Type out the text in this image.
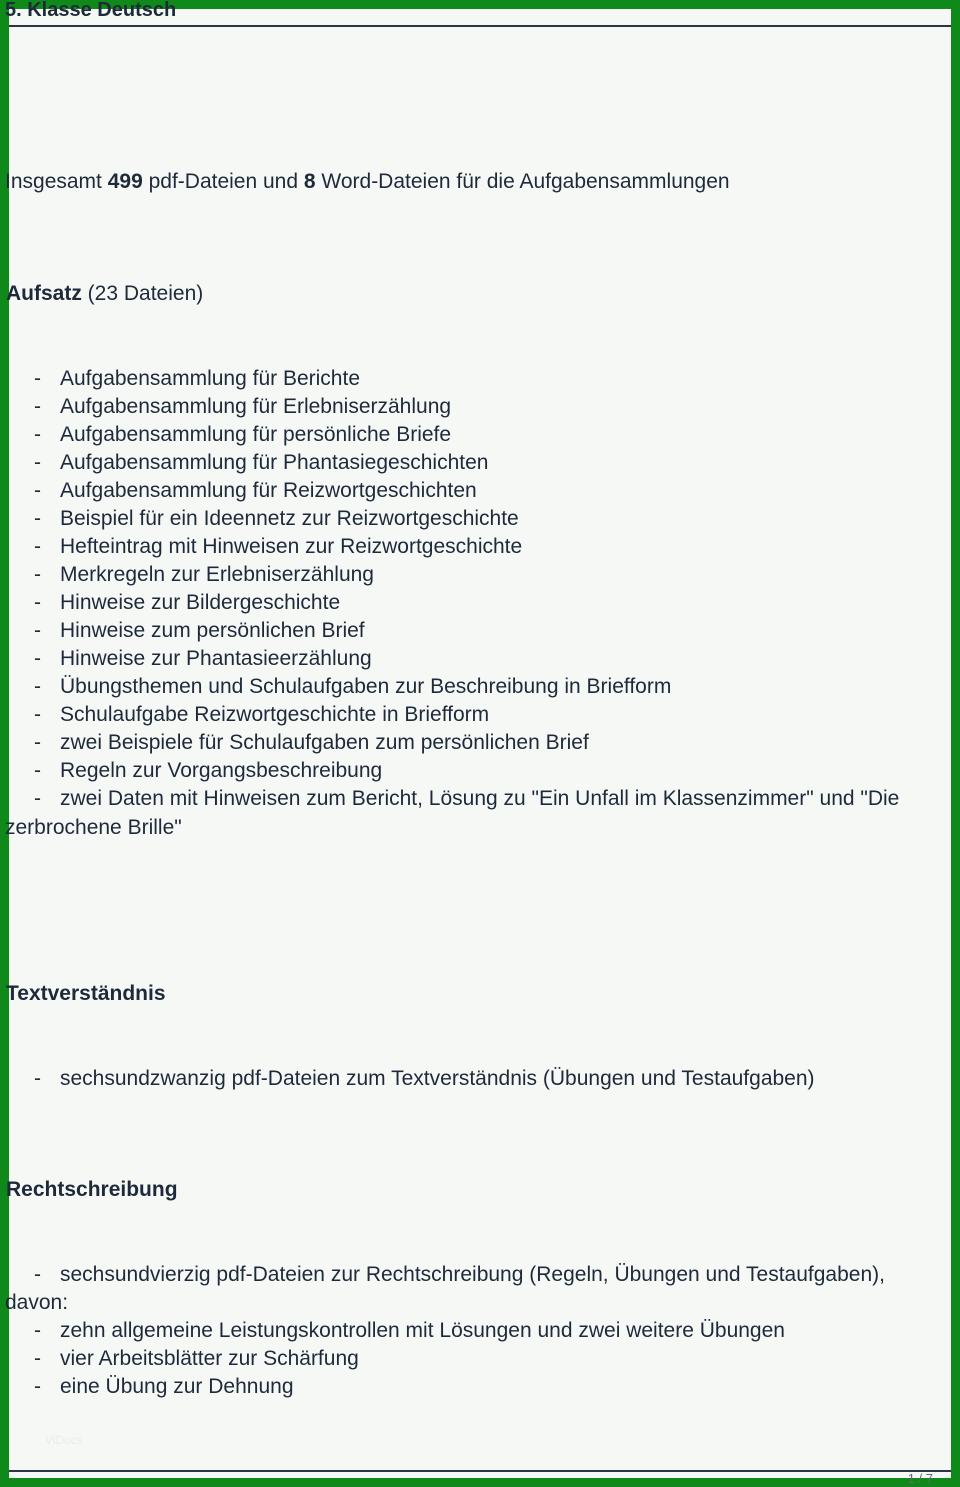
5. Klasse Deutsch
Insgesamt 499 pdf-Dateien und 8 Word-Dateien für die Aufgabensammlungen
Aufsatz (23 Dateien)
- Aufgabensammlung für Berichte
- Aufgabensammlung für Erlebniserzählung
- Aufgabensammlung für persönliche Briefe
- Aufgabensammlung für Phantasiegeschichten
- Aufgabensammlung für Reizwortgeschichten
- Beispiel für ein Ideennetz zur Reizwortgeschichte
- Hefteintrag mit Hinweisen zur Reizwortgeschichte
- Merkregeln zur Erlebniserzählung
- Hinweise zur Bildergeschichte
- Hinweise zum persönlichen Brief
- Hinweise zur Phantasieerzählung
- Übungsthemen und Schulaufgaben zur Beschreibung in Briefform
- Schulaufgabe Reizwortgeschichte in Briefform
- zwei Beispiele für Schulaufgaben zum persönlichen Brief
- Regeln zur Vorgangsbeschreibung
- zwei Daten mit Hinweisen zum Bericht, Lösung zu "Ein Unfall im Klassenzimmer" und "Die
zerbrochene Brille"
Textverständnis
- sechsundzwanzig pdf-Dateien zum Textverständnis (Übungen und Testaufgaben)
Rechtschreibung
- sechsundvierzig pdf-Dateien zur Rechtschreibung (Regeln, Übungen und Testaufgaben),
davon:
- zehn allgemeine Leistungskontrollen mit Lösungen und zwei weitere Übungen
- vier Arbeitsblätter zur Schärfung
- eine Übung zur Dehnung
ViDocs
1 / 7
